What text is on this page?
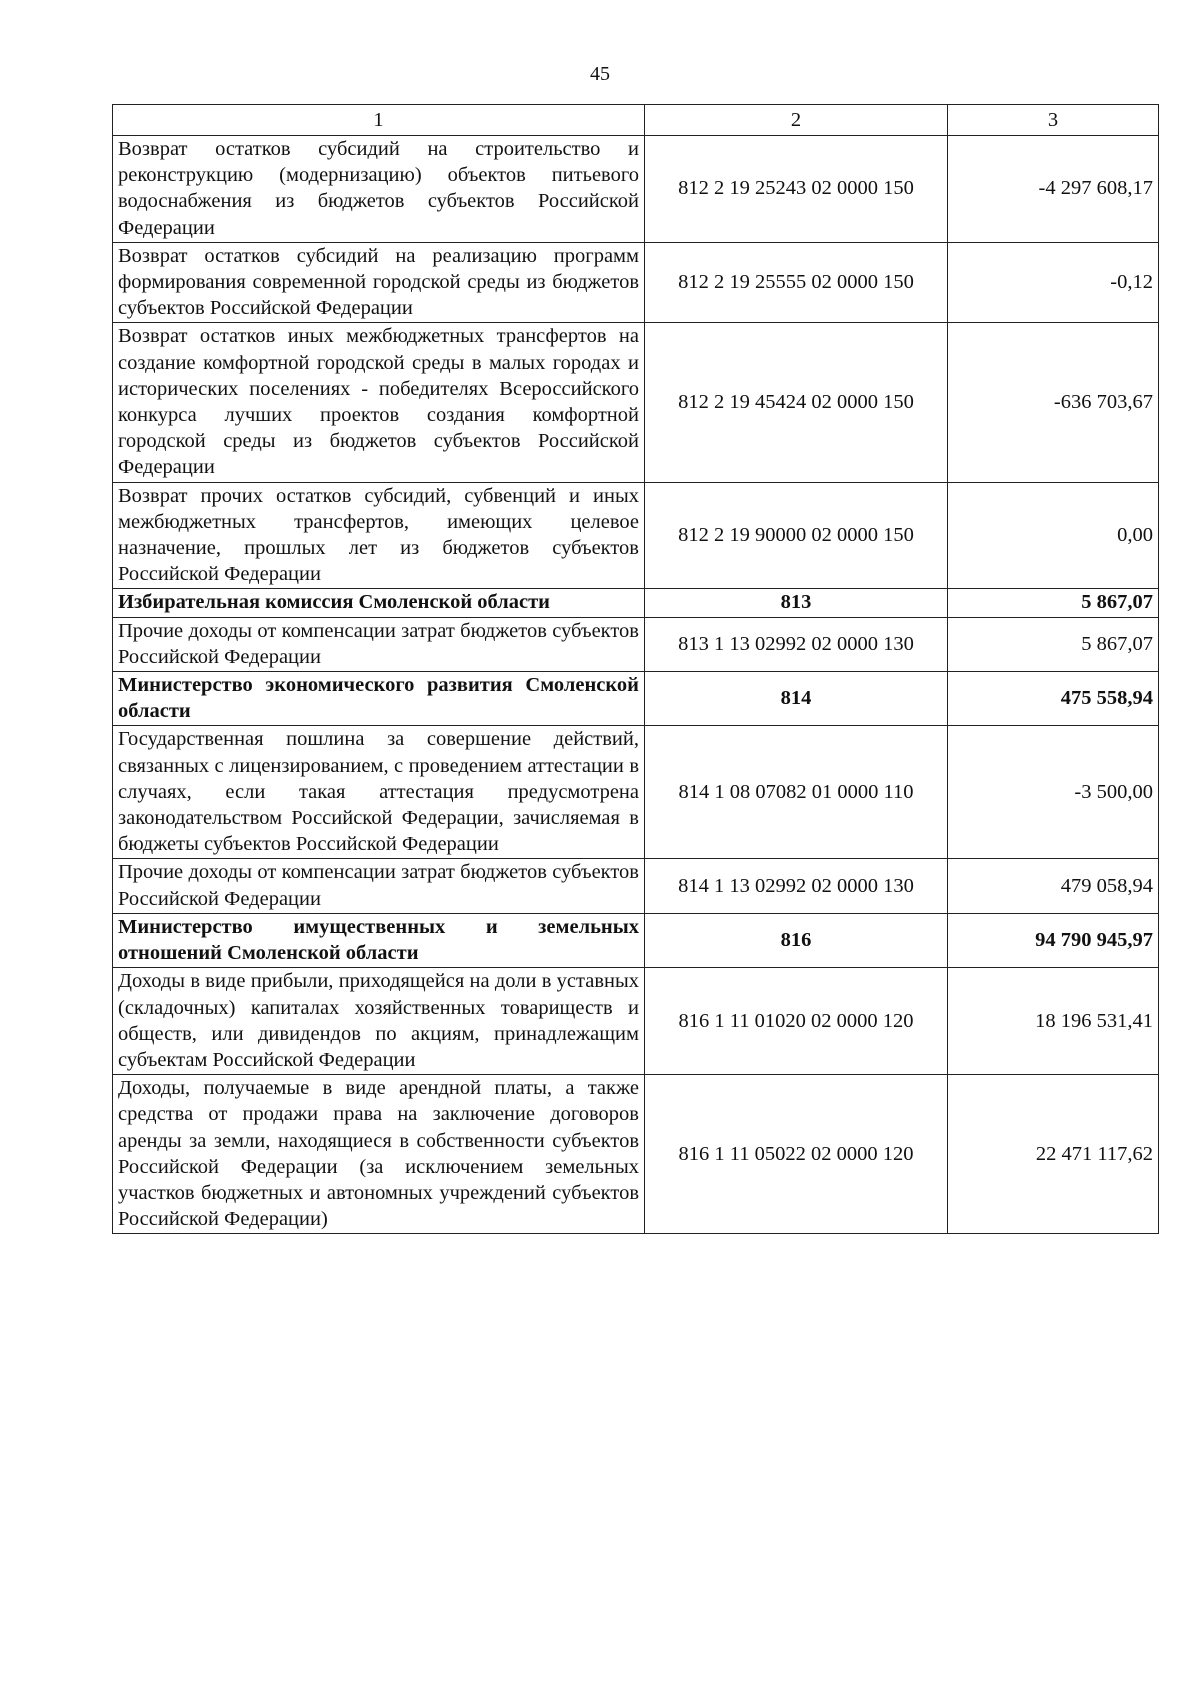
45
1	2	3
Возврат остатков субсидий на строительство и реконструкцию (модернизацию) объектов питьевого водоснабжения из бюджетов субъектов Российской Федерации	812 2 19 25243 02 0000 150	-4 297 608,17
Возврат остатков субсидий на реализацию программ формирования современной городской среды из бюджетов субъектов Российской Федерации	812 2 19 25555 02 0000 150	-0,12
Возврат остатков иных межбюджетных трансфертов на создание комфортной городской среды в малых городах и исторических поселениях - победителях Всероссийского конкурса лучших проектов создания комфортной городской среды из бюджетов субъектов Российской Федерации	812 2 19 45424 02 0000 150	-636 703,67
Возврат прочих остатков субсидий, субвенций и иных межбюджетных трансфертов, имеющих целевое назначение, прошлых лет из бюджетов субъектов Российской Федерации	812 2 19 90000 02 0000 150	0,00
Избирательная комиссия Смоленской области	813	5 867,07
Прочие доходы от компенсации затрат бюджетов субъектов Российской Федерации	813 1 13 02992 02 0000 130	5 867,07
Министерство экономического развития Смоленской области	814	475 558,94
Государственная пошлина за совершение действий, связанных с лицензированием, с проведением аттестации в случаях, если такая аттестация предусмотрена законодательством Российской Федерации, зачисляемая в бюджеты субъектов Российской Федерации	814 1 08 07082 01 0000 110	-3 500,00
Прочие доходы от компенсации затрат бюджетов субъектов Российской Федерации	814 1 13 02992 02 0000 130	479 058,94
Министерство имущественных и земельных отношений Смоленской области	816	94 790 945,97
Доходы в виде прибыли, приходящейся на доли в уставных (складочных) капиталах хозяйственных товариществ и обществ, или дивидендов по акциям, принадлежащим субъектам Российской Федерации	816 1 11 01020 02 0000 120	18 196 531,41
Доходы, получаемые в виде арендной платы, а также средства от продажи права на заключение договоров аренды за земли, находящиеся в собственности субъектов Российской Федерации (за исключением земельных участков бюджетных и автономных учреждений субъектов Российской Федерации)	816 1 11 05022 02 0000 120	22 471 117,62
